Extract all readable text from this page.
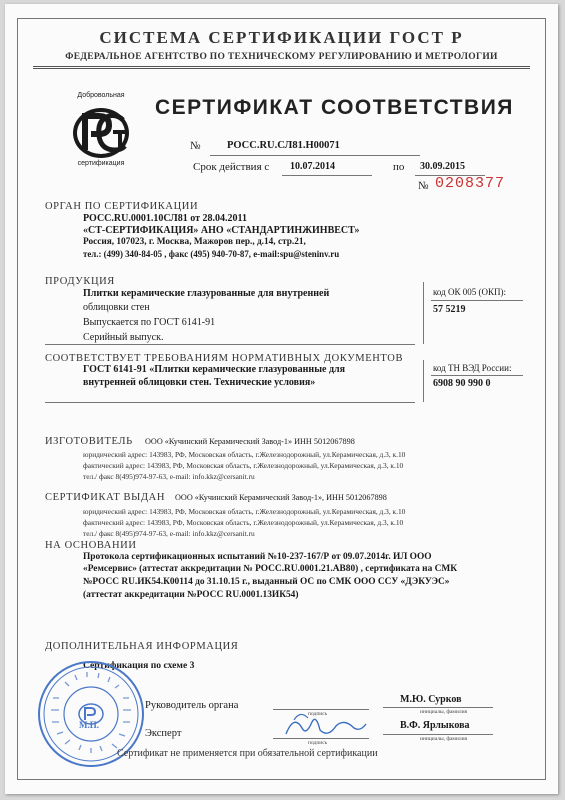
СИСТЕМА СЕРТИФИКАЦИИ ГОСТ Р
ФЕДЕРАЛЬНОЕ АГЕНТСТВО ПО ТЕХНИЧЕСКОМУ РЕГУЛИРОВАНИЮ И МЕТРОЛОГИИ
Добровольная
сертификация
СЕРТИФИКАТ СООТВЕТСТВИЯ
№	РОСС.RU.СЛ81.Н00071
Срок действия с 10.07.2014	по 30.09.2015
№ 0208377
ОРГАН ПО СЕРТИФИКАЦИИ
РОСС.RU.0001.10СЛ81 от 28.04.2011
«СТ-СЕРТИФИКАЦИЯ» АНО «СТАНДАРТИНЖИНВЕСТ»
Россия, 107023, г. Москва, Мажоров пер., д.14, стр.21,
тел.: (499) 340-84-05 , факс (495) 940-70-87, e-mail:spu@steninv.ru
ПРОДУКЦИЯ
Плитки керамические глазурованные для внутренней
облицовки стен
Выпускается по ГОСТ 6141-91
Серийный выпуск.
код ОК 005 (ОКП):
57 5219
СООТВЕТСТВУЕТ ТРЕБОВАНИЯМ НОРМАТИВНЫХ ДОКУМЕНТОВ
ГОСТ 6141-91 «Плитки керамические глазурованные для
внутренней облицовки стен. Технические условия»
код ТН ВЭД России:
6908 90 990 0
ИЗГОТОВИТЕЛЬ ООО «Кучинский Керамический Завод-1» ИНН 5012067898
юридический адрес: 143983, РФ, Московская область, г.Железнодорожный, ул.Керамическая, д.3, к.10
фактический адрес: 143983, РФ, Московская область, г.Железнодорожный, ул.Керамическая, д.3, к.10
тел./ факс 8(495)974-97-63, e-mail: info.kkz@cersanit.ru
СЕРТИФИКАТ ВЫДАН ООО «Кучинский Керамический Завод-1», ИНН 5012067898
юридический адрес: 143983, РФ, Московская область, г.Железнодорожный, ул.Керамическая, д.3, к.10
фактический адрес: 143983, РФ, Московская область, г.Железнодорожный, ул.Керамическая, д.3, к.10
тел./ факс 8(495)974-97-63, e-mail: info.kkz@cersanit.ru
НА ОСНОВАНИИ
Протокола сертификационных испытаний №10-237-167/Р от 09.07.2014г. ИЛ ООО
«Ремсервис» (аттестат аккредитации № РОСС.RU.0001.21.АВ80) , сертификата на СМК
№РОСС RU.ИК54.К00114 до 31.10.15 г., выданный ОС по СМК ООО ССУ «ДЭКУЭС»
(аттестат аккредитации №РОСС RU.0001.13ИК54)
ДОПОЛНИТЕЛЬНАЯ ИНФОРМАЦИЯ
Сертификация по схеме 3
М.П.
Руководитель органа
подпись
М.Ю. Сурков
инициалы, фамилия
Эксперт
подпись
В.Ф. Ярлыкова
инициалы, фамилия
Сертификат не применяется при обязательной сертификации
